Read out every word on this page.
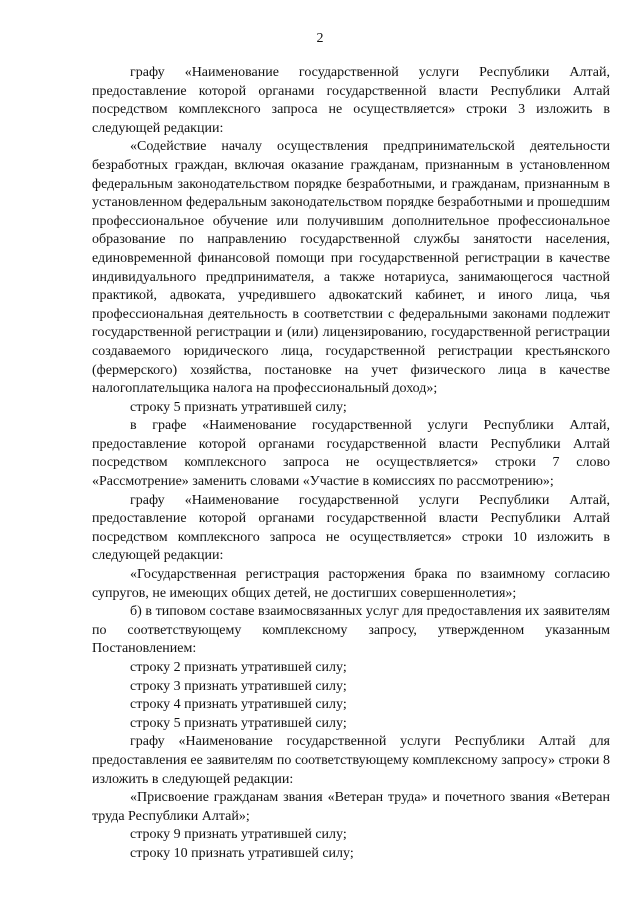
2

графу «Наименование государственной услуги Республики Алтай, предоставление которой органами государственной власти Республики Алтай посредством комплексного запроса не осуществляется» строки 3 изложить в следующей редакции:

«Содействие началу осуществления предпринимательской деятельности безработных граждан, включая оказание гражданам, признанным в установленном федеральным законодательством порядке безработными, и гражданам, признанным в установленном федеральным законодательством порядке безработными и прошедшим профессиональное обучение или получившим дополнительное профессиональное образование по направлению государственной службы занятости населения, единовременной финансовой помощи при государственной регистрации в качестве индивидуального предпринимателя, а также нотариуса, занимающегося частной практикой, адвоката, учредившего адвокатский кабинет, и иного лица, чья профессиональная деятельность в соответствии с федеральными законами подлежит государственной регистрации и (или) лицензированию, государственной регистрации создаваемого юридического лица, государственной регистрации крестьянского (фермерского) хозяйства, постановке на учет физического лица в качестве налогоплательщика налога на профессиональный доход»;

строку 5 признать утратившей силу;

в графе «Наименование государственной услуги Республики Алтай, предоставление которой органами государственной власти Республики Алтай посредством комплексного запроса не осуществляется» строки 7 слово «Рассмотрение» заменить словами «Участие в комиссиях по рассмотрению»;

графу «Наименование государственной услуги Республики Алтай, предоставление которой органами государственной власти Республики Алтай посредством комплексного запроса не осуществляется» строки 10 изложить в следующей редакции:

«Государственная регистрация расторжения брака по взаимному согласию супругов, не имеющих общих детей, не достигших совершеннолетия»;

б) в типовом составе взаимосвязанных услуг для предоставления их заявителям по соответствующему комплексному запросу, утвержденном указанным Постановлением:

строку 2 признать утратившей силу;

строку 3 признать утратившей силу;

строку 4 признать утратившей силу;

строку 5 признать утратившей силу;

графу «Наименование государственной услуги Республики Алтай для предоставления ее заявителям по соответствующему комплексному запросу» строки 8 изложить в следующей редакции:

«Присвоение гражданам звания «Ветеран труда» и почетного звания «Ветеран труда Республики Алтай»;

строку 9 признать утратившей силу;

строку 10 признать утратившей силу;
